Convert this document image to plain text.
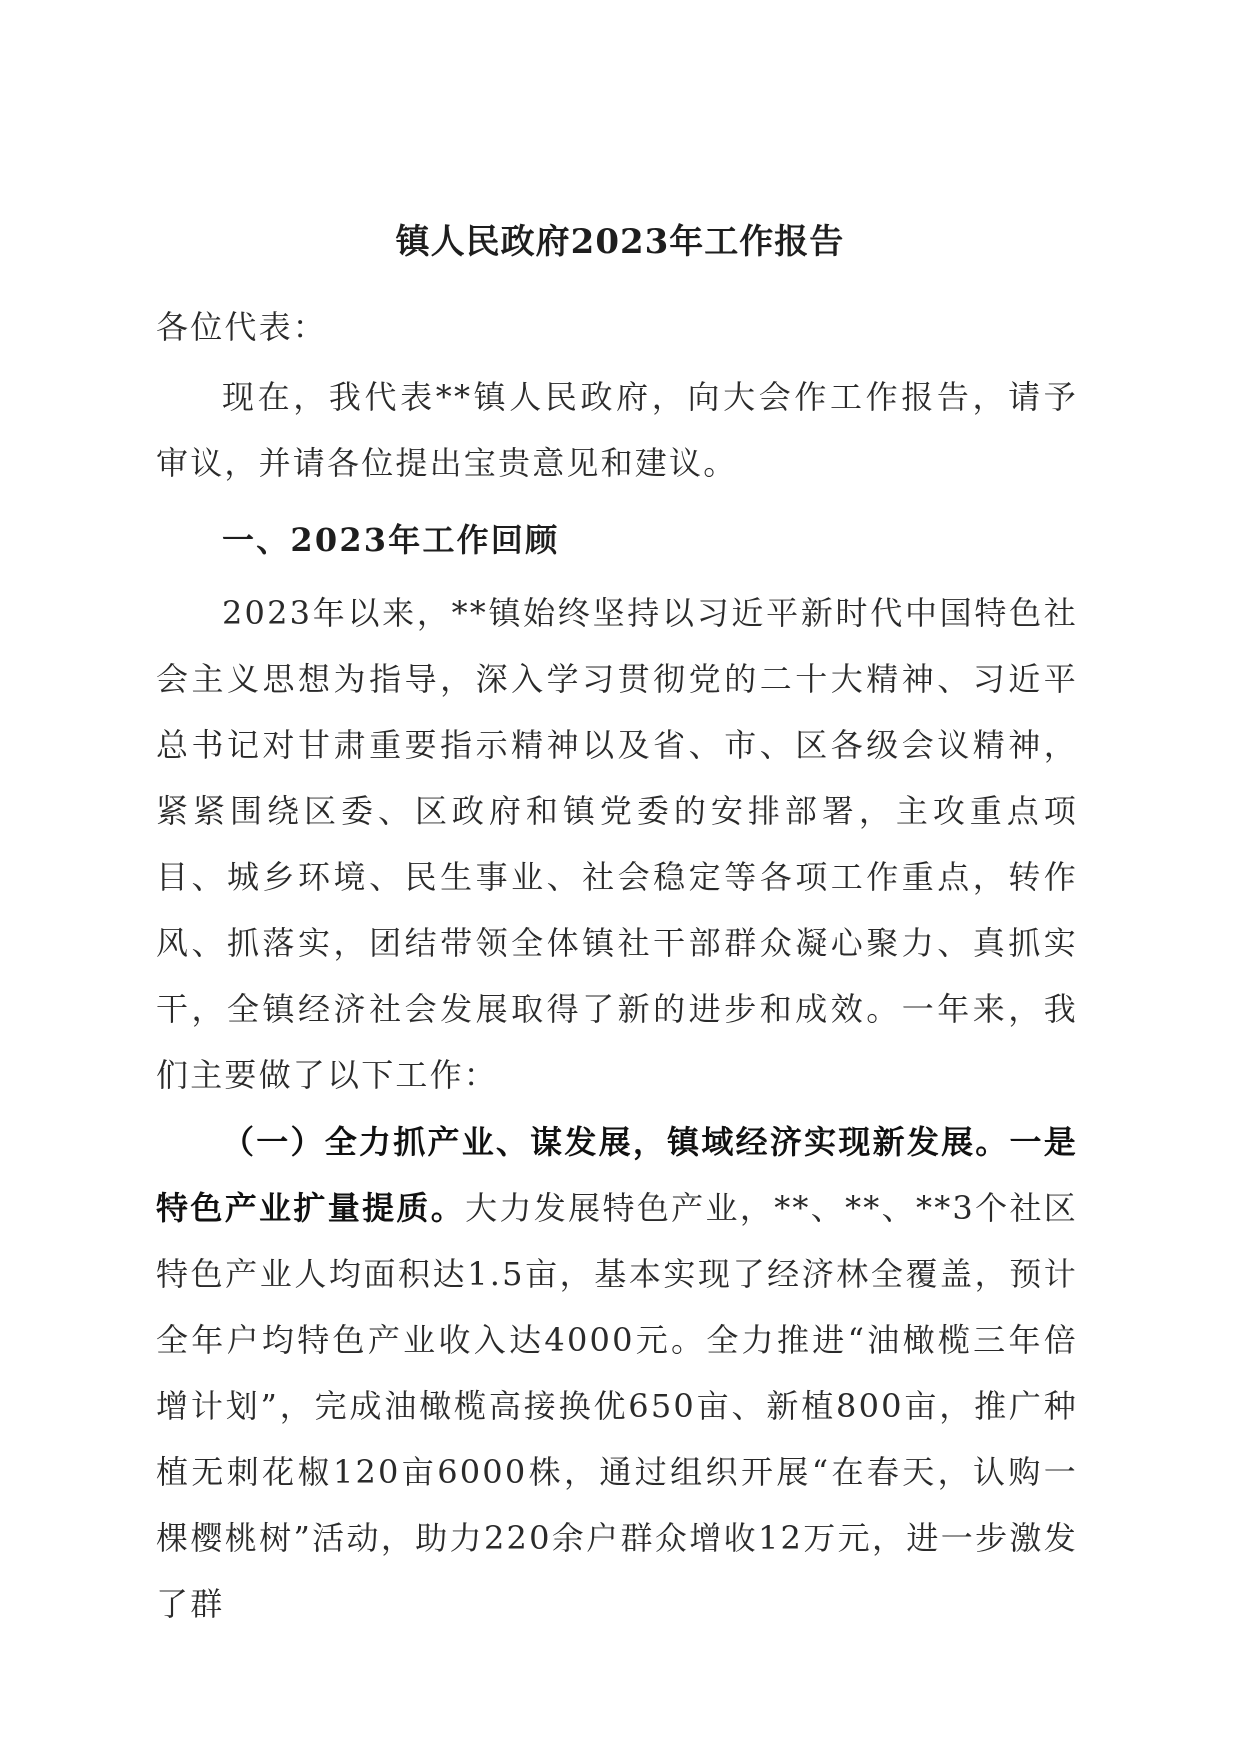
镇人民政府2023年工作报告

各位代表：

现在，我代表**镇人民政府，向大会作工作报告，请予审议，并请各位提出宝贵意见和建议。

一、2023年工作回顾

2023年以来，**镇始终坚持以习近平新时代中国特色社会主义思想为指导，深入学习贯彻党的二十大精神、习近平总书记对甘肃重要指示精神以及省、市、区各级会议精神，紧紧围绕区委、区政府和镇党委的安排部署，主攻重点项目、城乡环境、民生事业、社会稳定等各项工作重点，转作风、抓落实，团结带领全体镇社干部群众凝心聚力、真抓实干，全镇经济社会发展取得了新的进步和成效。一年来，我们主要做了以下工作：

（一）全力抓产业、谋发展，镇域经济实现新发展。一是特色产业扩量提质。大力发展特色产业，**、**、**3个社区特色产业人均面积达1.5亩，基本实现了经济林全覆盖，预计全年户均特色产业收入达4000元。全力推进“油橄榄三年倍增计划”，完成油橄榄高接换优650亩、新植800亩，推广种植无刺花椒120亩6000株，通过组织开展“在春天，认购一棵樱桃树”活动，助力220余户群众增收12万元，进一步激发了群
